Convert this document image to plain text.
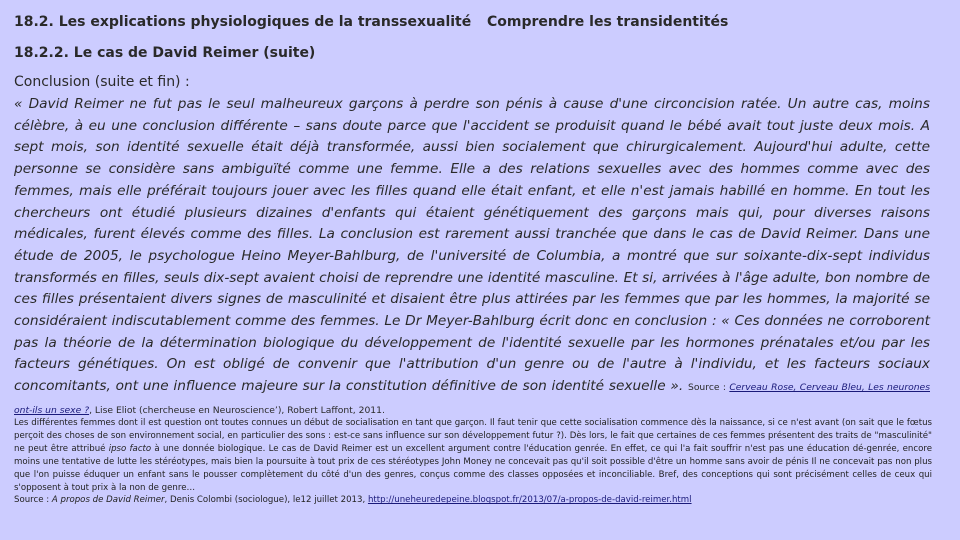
18.2. Les explications physiologiques de la transsexualité Comprendre les transidentités
18.2.2. Le cas de David Reimer (suite)
Conclusion (suite et fin) :
« David Reimer ne fut pas le seul malheureux garçons à perdre son pénis à cause d'une circoncision ratée. Un autre cas, moins célèbre, à eu une conclusion différente – sans doute parce que l'accident se produisit quand le bébé avait tout juste deux mois. A sept mois, son identité sexuelle était déjà transformée, aussi bien socialement que chirurgicalement. Aujourd'hui adulte, cette personne se considère sans ambiguïté comme une femme. Elle a des relations sexuelles avec des hommes comme avec des femmes, mais elle préférait toujours jouer avec les filles quand elle était enfant, et elle n'est jamais habillé en homme. En tout les chercheurs ont étudié plusieurs dizaines d'enfants qui étaient génétiquement des garçons mais qui, pour diverses raisons médicales, furent élevés comme des filles. La conclusion est rarement aussi tranchée que dans le cas de David Reimer. Dans une étude de 2005, le psychologue Heino Meyer-Bahlburg, de l'université de Columbia, a montré que sur soixante-dix-sept individus transformés en filles, seuls dix-sept avaient choisi de reprendre une identité masculine. Et si, arrivées à l'âge adulte, bon nombre de ces filles présentaient divers signes de masculinité et disaient être plus attirées par les femmes que par les hommes, la majorité se considéraient indiscutablement comme des femmes. Le Dr Meyer-Bahlburg écrit donc en conclusion : « Ces données ne corroborent pas la théorie de la détermination biologique du développement de l'identité sexuelle par les hormones prénatales et/ou par les facteurs génétiques. On est obligé de convenir que l'attribution d'un genre ou de l'autre à l'individu, et les facteurs sociaux concomitants, ont une influence majeure sur la constitution définitive de son identité sexuelle ». Source : Cerveau Rose, Cerveau Bleu, Les neurones ont-ils un sexe ?, Lise Eliot (chercheuse en Neuroscience’), Robert Laffont, 2011.
Les différentes femmes dont il est question ont toutes connues un début de socialisation en tant que garçon. Il faut tenir que cette socialisation commence dès la naissance, si ce n'est avant (on sait que le fœtus perçoit des choses de son environnement social, en particulier des sons : est-ce sans influence sur son développement futur ?). Dès lors, le fait que certaines de ces femmes présentent des traits de "masculinité" ne peut être attribué ipso facto à une donnée biologique. Le cas de David Reimer est un excellent argument contre l'éducation genrée. En effet, ce qui l'a fait souffrir n'est pas une éducation dé-genrée, encore moins une tentative de lutte les stéréotypes, mais bien la poursuite à tout prix de ces stéréotypes John Money ne concevait pas qu'il soit possible d'être un homme sans avoir de pénis Il ne concevait pas non plus que l'on puisse éduquer un enfant sans le pousser complètement du côté d'un des genres, conçus comme des classes opposées et inconciliable. Bref, des conceptions qui sont précisément celles de ceux qui s'opposent à tout prix à la non de genre…
Source : A propos de David Reimer, Denis Colombi (sociologue), le12 juillet 2013, http://uneheuredepeine.blogspot.fr/2013/07/a-propos-de-david-reimer.html
